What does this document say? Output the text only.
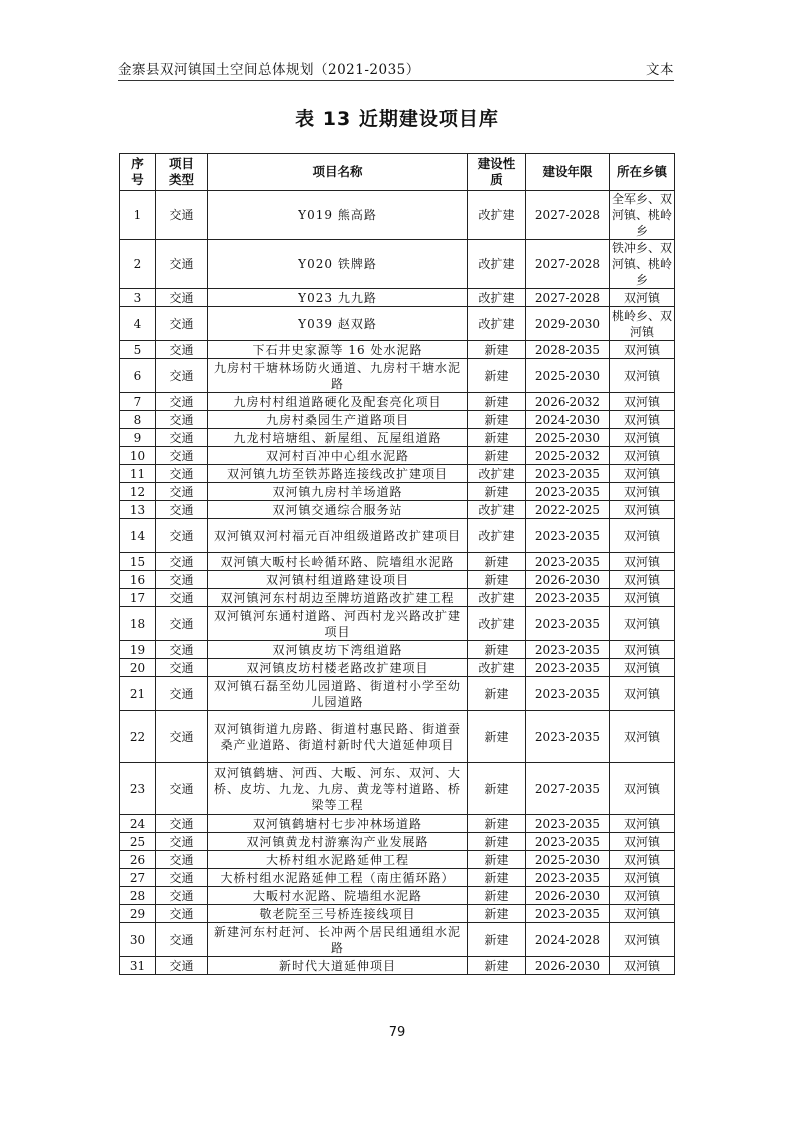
金寨县双河镇国土空间总体规划（2021-2035）	文本
表 13 近期建设项目库
序号	项目类型	项目名称	建设性质	建设年限	所在乡镇
1	交通	Y019 熊高路	改扩建	2027-2028	全军乡、双河镇、桃岭乡
2	交通	Y020 铁牌路	改扩建	2027-2028	铁冲乡、双河镇、桃岭乡
3	交通	Y023 九九路	改扩建	2027-2028	双河镇
4	交通	Y039 赵双路	改扩建	2029-2030	桃岭乡、双河镇
5	交通	下石井史家源等 16 处水泥路	新建	2028-2035	双河镇
6	交通	九房村干塘林场防火通道、九房村干塘水泥路	新建	2025-2030	双河镇
7	交通	九房村村组道路硬化及配套亮化项目	新建	2026-2032	双河镇
8	交通	九房村桑园生产道路项目	新建	2024-2030	双河镇
9	交通	九龙村培塘组、新屋组、瓦屋组道路	新建	2025-2030	双河镇
10	交通	双河村百冲中心组水泥路	新建	2025-2032	双河镇
11	交通	双河镇九坊至铁苏路连接线改扩建项目	改扩建	2023-2035	双河镇
12	交通	双河镇九房村羊场道路	新建	2023-2035	双河镇
13	交通	双河镇交通综合服务站	改扩建	2022-2025	双河镇
14	交通	双河镇双河村福元百冲组级道路改扩建项目	改扩建	2023-2035	双河镇
15	交通	双河镇大畈村长岭循环路、院墙组水泥路	新建	2023-2035	双河镇
16	交通	双河镇村组道路建设项目	新建	2026-2030	双河镇
17	交通	双河镇河东村胡边至牌坊道路改扩建工程	改扩建	2023-2035	双河镇
18	交通	双河镇河东通村道路、河西村龙兴路改扩建项目	改扩建	2023-2035	双河镇
19	交通	双河镇皮坊下湾组道路	新建	2023-2035	双河镇
20	交通	双河镇皮坊村楼老路改扩建项目	改扩建	2023-2035	双河镇
21	交通	双河镇石磊至幼儿园道路、街道村小学至幼儿园道路	新建	2023-2035	双河镇
22	交通	双河镇街道九房路、街道村惠民路、街道蚕桑产业道路、街道村新时代大道延伸项目	新建	2023-2035	双河镇
23	交通	双河镇鹤塘、河西、大畈、河东、双河、大桥、皮坊、九龙、九房、黄龙等村道路、桥梁等工程	新建	2027-2035	双河镇
24	交通	双河镇鹤塘村七步冲林场道路	新建	2023-2035	双河镇
25	交通	双河镇黄龙村游寨沟产业发展路	新建	2023-2035	双河镇
26	交通	大桥村组水泥路延伸工程	新建	2025-2030	双河镇
27	交通	大桥村组水泥路延伸工程（南庄循环路）	新建	2023-2035	双河镇
28	交通	大畈村水泥路、院墙组水泥路	新建	2026-2030	双河镇
29	交通	敬老院至三号桥连接线项目	新建	2023-2035	双河镇
30	交通	新建河东村赶河、长冲两个居民组通组水泥路	新建	2024-2028	双河镇
31	交通	新时代大道延伸项目	新建	2026-2030	双河镇
79
